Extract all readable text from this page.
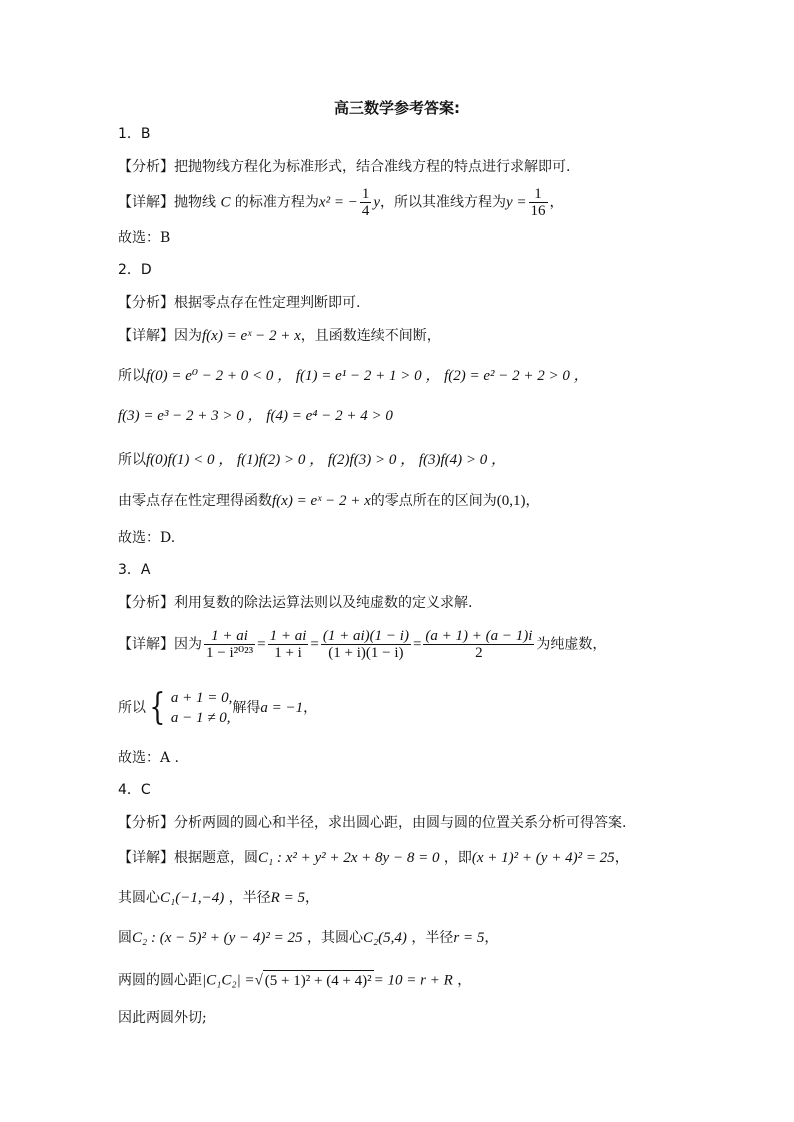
高三数学参考答案:
1．B
【分析】把抛物线方程化为标准形式，结合准线方程的特点进行求解即可.
【详解】抛物线 C 的标准方程为x² = − $\frac{1}{4}$ y，所以其准线方程为$y = \frac{1}{16}$ ，
故选：B
2．D
【分析】根据零点存在性定理判断即可.
【详解】因为f(x) = eˣ − 2 + x，且函数连续不间断，
所以f(0) = e⁰ − 2 + 0 < 0 ， f(1) = e¹ − 2 + 1 > 0 ， f(2) = e² − 2 + 2 > 0 ，
f(3) = e³ − 2 + 3 > 0 ， f(4) = e⁴ − 2 + 4 > 0
所以f(0)f(1) < 0 ， f(1)f(2) > 0 ， f(2)f(3) > 0 ， f(3)f(4) > 0 ，
由零点存在性定理得函数f(x) = eˣ − 2 + x的零点所在的区间为(0,1)，
故选：D.
3．A
【分析】利用复数的除法运算法则以及纯虚数的定义求解.
【详解】因为 $\frac{1 + ai}{\text{1 − i²⁰²³}} = \frac{1 + ai}{1 + i} = \frac{(1 + ai)(1 - i)}{(1 + i)(1 - i)} = \frac{(a + 1) + (a - 1)i}{2}$ 为纯虚数，
所以{ a + 1 = 0,
a − 1 ≠ 0,
解得a = −1，
故选：A .
4．C
【分析】分析两圆的圆心和半径，求出圆心距，由圆与圆的位置关系分析可得答案.
【详解】根据题意，圆C₁ : x² + y² + 2x + 8y − 8 = 0 ，即(x + 1)² + (y + 4)² = 25，
其圆心C₁(−1,−4) ，半径R = 5，
圆C₂ : (x − 5)² + (y − 4)² = 25 ，其圆心C₂(5,4) ，半径r = 5，
两圆的圆心距|C₁C₂| =√ (5 + 1)² + (4 + 4)² = 10 = r + R ，
因此两圆外切;
